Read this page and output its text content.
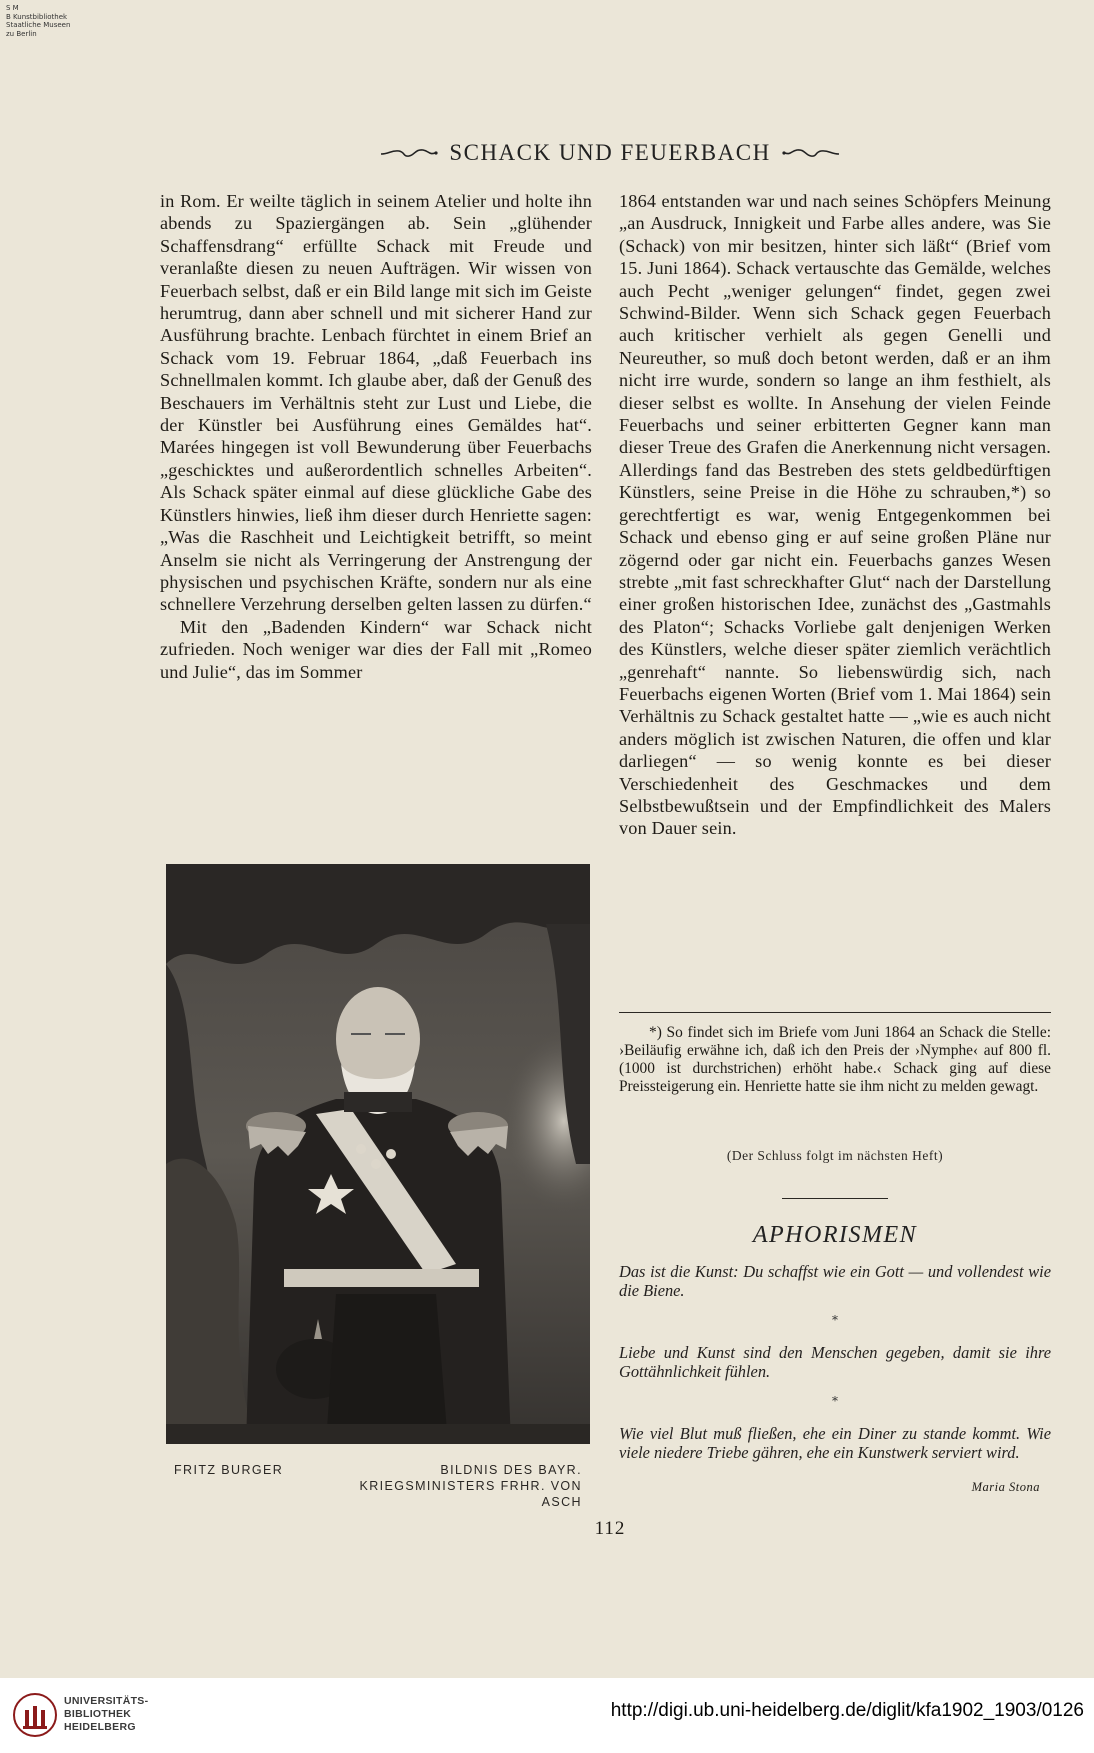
S M
B Kunstbibliothek
Staatliche Museen
zu Berlin
SCHACK UND FEUERBACH

in Rom. Er weilte täglich in seinem Atelier und holte ihn abends zu Spaziergängen ab. Sein „glühender Schaffensdrang“ erfüllte Schack mit Freude und veranlaßte diesen zu neuen Aufträgen. Wir wissen von Feuerbach selbst, daß er ein Bild lange mit sich im Geiste herumtrug, dann aber schnell und mit sicherer Hand zur Ausführung brachte. Lenbach fürchtet in einem Brief an Schack vom 19. Februar 1864, „daß Feuerbach ins Schnellmalen kommt. Ich glaube aber, daß der Genuß des Beschauers im Verhältnis steht zur Lust und Liebe, die der Künstler bei Ausführung eines Gemäldes hat“. Marées hingegen ist voll Bewunderung über Feuerbachs „geschicktes und außerordentlich schnelles Arbeiten“. Als Schack später einmal auf diese glückliche Gabe des Künstlers hinwies, ließ ihm dieser durch Henriette sagen: „Was die Raschheit und Leichtigkeit betrifft, so meint Anselm sie nicht als Verringerung der Anstrengung der physischen und psychischen Kräfte, sondern nur als eine schnellere Verzehrung derselben gelten lassen zu dürfen.“

Mit den „Badenden Kindern“ war Schack nicht zufrieden. Noch weniger war dies der Fall mit „Romeo und Julie“, das im Sommer

1864 entstanden war und nach seines Schöpfers Meinung „an Ausdruck, Innigkeit und Farbe alles andere, was Sie (Schack) von mir besitzen, hinter sich läßt“ (Brief vom 15. Juni 1864). Schack vertauschte das Gemälde, welches auch Pecht „weniger gelungen“ findet, gegen zwei Schwind-Bilder. Wenn sich Schack gegen Feuerbach auch kritischer verhielt als gegen Genelli und Neureuther, so muß doch betont werden, daß er an ihm nicht irre wurde, sondern so lange an ihm festhielt, als dieser selbst es wollte. In Ansehung der vielen Feinde Feuerbachs und seiner erbitterten Gegner kann man dieser Treue des Grafen die Anerkennung nicht versagen. Allerdings fand das Bestreben des stets geldbedürftigen Künstlers, seine Preise in die Höhe zu schrauben,*) so gerechtfertigt es war, wenig Entgegenkommen bei Schack und ebenso ging er auf seine großen Pläne nur zögernd oder gar nicht ein. Feuerbachs ganzes Wesen strebte „mit fast schreckhafter Glut“ nach der Darstellung einer großen historischen Idee, zunächst des „Gastmahls des Platon“; Schacks Vorliebe galt denjenigen Werken des Künstlers, welche dieser später ziemlich verächtlich „genrehaft“ nannte. So liebenswürdig sich, nach Feuerbachs eigenen Worten (Brief vom 1. Mai 1864) sein Verhältnis zu Schack gestaltet hatte — „wie es auch nicht anders möglich ist zwischen Naturen, die offen und klar darliegen“ — so wenig konnte es bei dieser Verschiedenheit des Geschmackes und dem Selbstbewußtsein und der Empfindlichkeit des Malers von Dauer sein.

FRITZ BURGER	BILDNIS DES BAYR. KRIEGSMINISTERS FRHR. VON ASCH
*) So findet sich im Briefe vom Juni 1864 an Schack die Stelle: ›Beiläufig erwähne ich, daß ich den Preis der ›Nymphe‹ auf 800 fl. (1000 ist durchstrichen) erhöht habe.‹ Schack ging auf diese Preissteigerung ein. Henriette hatte sie ihm nicht zu melden gewagt.
(Der Schluss folgt im nächsten Heft)
APHORISMEN
Das ist die Kunst: Du schaffst wie ein Gott — und vollendest wie die Biene.
*
Liebe und Kunst sind den Menschen gegeben, damit sie ihre Gottähnlichkeit fühlen.
*
Wie viel Blut muß fließen, ehe ein Diner zu stande kommt. Wie viele niedere Triebe gähren, ehe ein Kunstwerk serviert wird.
Maria Stona
112
UNIVERSITÄTS-
BIBLIOTHEK
HEIDELBERG
http://digi.ub.uni-heidelberg.de/diglit/kfa1902_1903/0126
